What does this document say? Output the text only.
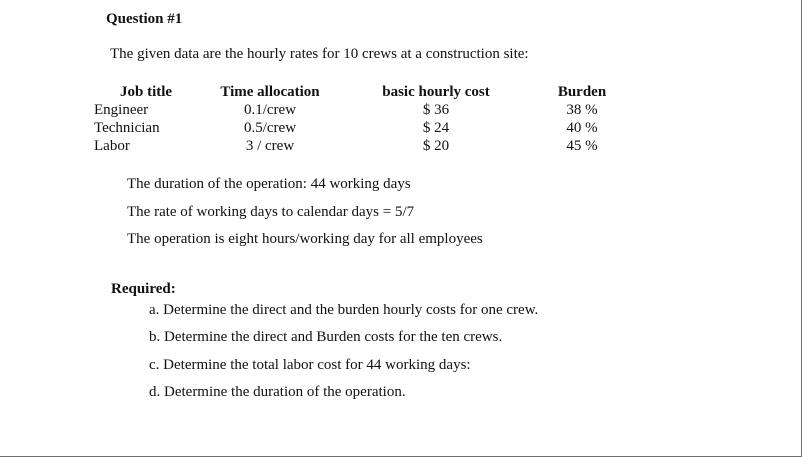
Question #1
The given data are the hourly rates for 10 crews at a construction site:
Job title
Engineer
Technician
Labor
Time allocation
0.1/crew
0.5/crew
3 / crew
basic hourly cost
$ 36
$ 24
$ 20
Burden
38 %
40 %
45 %
The duration of the operation: 44 working days
The rate of working days to calendar days = 5/7
The operation is eight hours/working day for all employees
Required:
a. Determine the direct and the burden hourly costs for one crew.
b. Determine the direct and Burden costs for the ten crews.
c. Determine the total labor cost for 44 working days:
d. Determine the duration of the operation.
